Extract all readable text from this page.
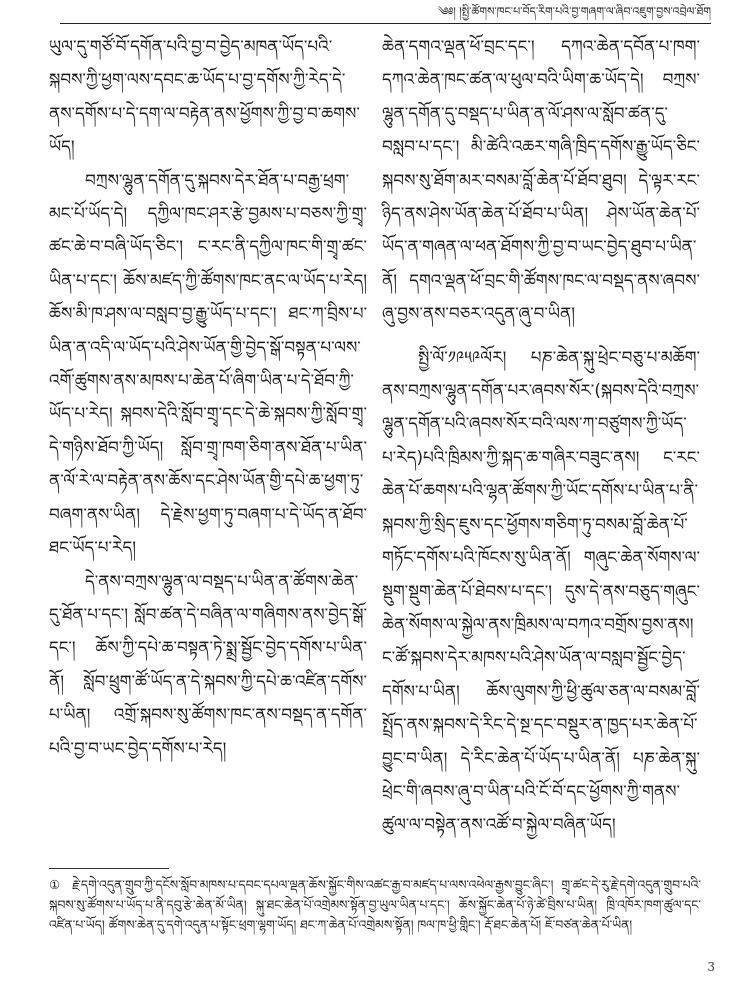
༄༅། །སྤྱི་ཚོགས་ཁང་པ་བོད་རིག་པའི་བྱ་གཞག་ལ་ཞིབ་འཇུག་བྱས་འབྲེལ་ཐོག

ཡུལ་དུ་གཙོ་བོ་དགོན་པའི་བྱ་བ་བྱེད་མཁན་ཡོད་པའི་སྐབས་ཀྱི་ཕྱག་ལས་དབང་ཆ་ཡོད་པ་བྱ་དགོས་ཀྱི་རེད་དེ་ནས་དགོས་པ་དེ་དག་ལ་བརྟེན་ནས་ཕྱོགས་ཀྱི་བྱ་བ་ཆགས་ཡོད།

བཀྲས་ལྷུན་དགོན་དུ་སྐབས་དེར་ཐོན་པ་བརྒྱ་ཕྲག་མང་པོ་ཡོད་དེ། དཀྱིལ་ཁང་ཤར་རྩེ་བྱམས་པ་བཅས་ཀྱི་གྲྭ་ཚང་ཆེ་བ་བཞི་ཡོད་ཅིང་། ང་རང་ནི་དཀྱིལ་ཁང་གི་གྲྭ་ཚང་ཡིན་པ་དང་། ཆོས་མཛད་ཀྱི་ཚོགས་ཁང་ནང་ལ་ཡོད་པ་རེད། ཆོས་མི་ཁ་ཤས་ལ་བསླབ་བྱ་རྒྱུ་ཡོད་པ་དང་། ཐང་ཀ་བྲིས་པ་ཡིན་ན་འདི་ལ་ཡོད་པའི་ཤེས་ཡོན་གྱི་བྱེད་སྒོ་བསྟན་པ་ལས་འགོ་ཚུགས་ནས་མཁས་པ་ཆེན་པོ་ཞིག་ཡིན་པ་དེ་ཐོབ་ཀྱི་ཡོད་པ་རེད། སྐབས་དེའི་སློབ་གྲྭ་དང་དེ་ཆེ་སྐབས་ཀྱི་སློབ་གྲྭ་དེ་གཉིས་ཐོབ་ཀྱི་ཡོད། སློབ་གྲྭ་ཁག་ཅིག་ནས་ཐོན་པ་ཡིན་ན་ལོ་རེ་ལ་བརྟེན་ནས་ཆོས་དང་ཤེས་ཡོན་གྱི་དཔེ་ཆ་ཕྱག་ཏུ་བཞག་ནས་ཡིན། དེ་རྗེས་ཕྱག་ཏུ་བཞག་པ་དེ་ཡོད་ན་ཐོབ་ཐང་ཡོད་པ་རེད།

དེ་ནས་བཀྲས་ལྷུན་ལ་བསྡད་པ་ཡིན་ན་ཚོགས་ཆེན་དུ་ཐོན་པ་དང་། སློབ་ཚན་དེ་བཞིན་ལ་གཞིགས་ནས་བྱེད་སྒོ་དང་། ཆོས་ཀྱི་དཔེ་ཆ་བསྟན་ཏེ་སྨྲ་སྦྱོང་བྱེད་དགོས་པ་ཡིན་ནོ། སློབ་ཕྲུག་ཚོ་ཡོད་ན་དེ་སྐབས་ཀྱི་དཔེ་ཆ་འཛིན་དགོས་པ་ཡིན། འགྲོ་སྐབས་སུ་ཚོགས་ཁང་ནས་བསྡད་ན་དགོན་པའི་བྱ་བ་ཡང་བྱེད་དགོས་པ་རེད།

ཆེན་དགའ་ལྡན་ཕོ་བྲང་དང་། དཀའ་ཆེན་དབོན་པ་ཁག་དཀའ་ཆེན་ཁང་ཚན་ལ་ཕུལ་བའི་ཡིག་ཆ་ཡོད་དེ། བཀྲས་ལྷུན་དགོན་དུ་བསྡད་པ་ཡིན་ན་ལོ་ཤས་ལ་སློབ་ཚན་དུ་བསླབ་པ་དང་། མི་ཚེའི་འཆར་གཞི་ཁྲིད་དགོས་རྒྱུ་ཡོད་ཅིང་སྐབས་སུ་ཐོག་མར་བསམ་བློ་ཆེན་པོ་ཐོབ་ཐུབ། དེ་ལྟར་རང་ཉིད་ནས་ཤེས་ཡོན་ཆེན་པོ་ཐོབ་པ་ཡིན། ཤེས་ཡོན་ཆེན་པོ་ཡོད་ན་གཞན་ལ་ཕན་ཐོགས་ཀྱི་བྱ་བ་ཡང་བྱེད་ཐུབ་པ་ཡིན་ནོ། དགའ་ལྡན་ཕོ་བྲང་གི་ཚོགས་ཁང་ལ་བསྡད་ནས་ཞབས་ཞུ་བྱས་ནས་བཅར་འདུན་ཞུ་བ་ཡིན།

སྤྱི་ལོ་༡༩༥༩ལོར། པཎ་ཆེན་སྐུ་ཕྲེང་བཅུ་པ་མཆོག་ནས་བཀྲས་ལྷུན་དགོན་པར་ཞབས་སོར་(སྐབས་དེའི་བཀྲས་ལྷུན་དགོན་པའི་ཞབས་སོར་བའི་ལས་ཀ་བཙུགས་ཀྱི་ཡོད་པ་རེད)པའི་ཁྲིམས་ཀྱི་སྐད་ཆ་གཞིར་བཟུང་ནས། ང་རང་ཆེན་པོ་ཆགས་པའི་ལྷན་ཚོགས་ཀྱི་ཡོང་དགོས་པ་ཡིན་པ་ནི་སྐབས་ཀྱི་སྲིད་ཇུས་དང་ཕྱོགས་གཅིག་ཏུ་བསམ་བློ་ཆེན་པོ་གཏོང་དགོས་པའི་ཁོངས་སུ་ཡིན་ནོ། གཞུང་ཆེན་སོགས་ལ་སྡུག་སྡུག་ཆེན་པོ་ཐེབས་པ་དང་། དུས་དེ་ནས་བཅུད་གཞུང་ཆེན་སོགས་ལ་སྐྱེལ་ནས་ཁྲིམས་ལ་བཀའ་བགྲོས་བྱས་ནས། ང་ཚོ་སྐབས་དེར་མཁས་པའི་ཤེས་ཡོན་ལ་བསླབ་སྦྱོང་བྱེད་དགོས་པ་ཡིན། ཆོས་ལུགས་ཀྱི་ཕྱི་ཚུལ་ཅན་ལ་བསམ་བློ་སྤྲོད་ནས་སྐབས་དེ་རིང་དེ་སྔ་དང་བསྡུར་ན་ཁྱད་པར་ཆེན་པོ་བྱུང་བ་ཡིན། དེ་རིང་ཆེན་པོ་ཡོད་པ་ཡིན་ནོ། པཎ་ཆེན་སྐུ་ཕྲེང་གི་ཞབས་ཞུ་བ་ཡིན་པའི་ངོ་བོ་དང་ཕྱོགས་ཀྱི་གནས་ཚུལ་ལ་བསྟེན་ནས་འཚོ་བ་སྐྱེལ་བཞིན་ཡོད།

① རྗེ་དགེ་འདུན་གྲུབ་ཀྱི་དངོས་སློབ་མཁས་པ་དབང་དཔལ་ལྡན་ཆོས་སྐྱོང་གིས་འཚང་རྒྱ་བ་མཛད་པ་ལས་འཕེལ་རྒྱས་བྱུང་ཞིང་། གྲྭ་ཚང་དེ་རུ་རྗེ་དགེ་འདུན་གྲུབ་པའི་སྐབས་སུ་ཚོགས་པ་ཡོད་པ་ནི་དབུ་རྩེ་ཆེན་མོ་ཡིན། སྐུ་ཐང་ཆེན་པོ་འགྲེམས་སྟོན་བྱ་ཡུལ་ཡིན་པ་དང་། ཆོས་སྐྱོང་ཆེན་པོ་ཉེ་ཚེ་བྲིས་པ་ཡིན། ཁྲི་འཁོར་ཁག་ཚུལ་དང་འཛིན་པ་ཡོད། ཚོགས་ཆེན་དུ་དགེ་འདུན་པ་སྟོང་ཕྲག་ལྷག་ཡོད། ཐང་ཀ་ཆེན་པོ་འགྲེམས་སྟོན། ཁལ་ཁ་ཕྱི་གླིང་། རྡོ་ཐང་ཆེན་པོ། ཇོ་བཙན་ཆེན་པོ་ཡིན།
3
